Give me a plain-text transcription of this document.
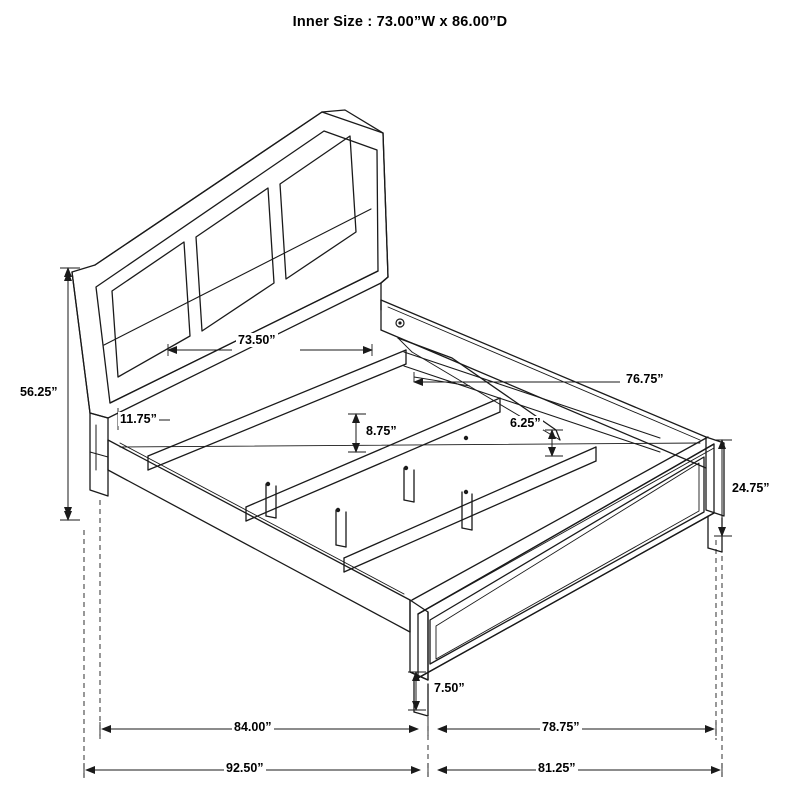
Inner Size : 73.00”W x 86.00”D
56.25”
73.50”
11.75”
8.75”
76.75”
6.25”
24.75”
7.50”
84.00”	78.75”
92.50”	81.25”
